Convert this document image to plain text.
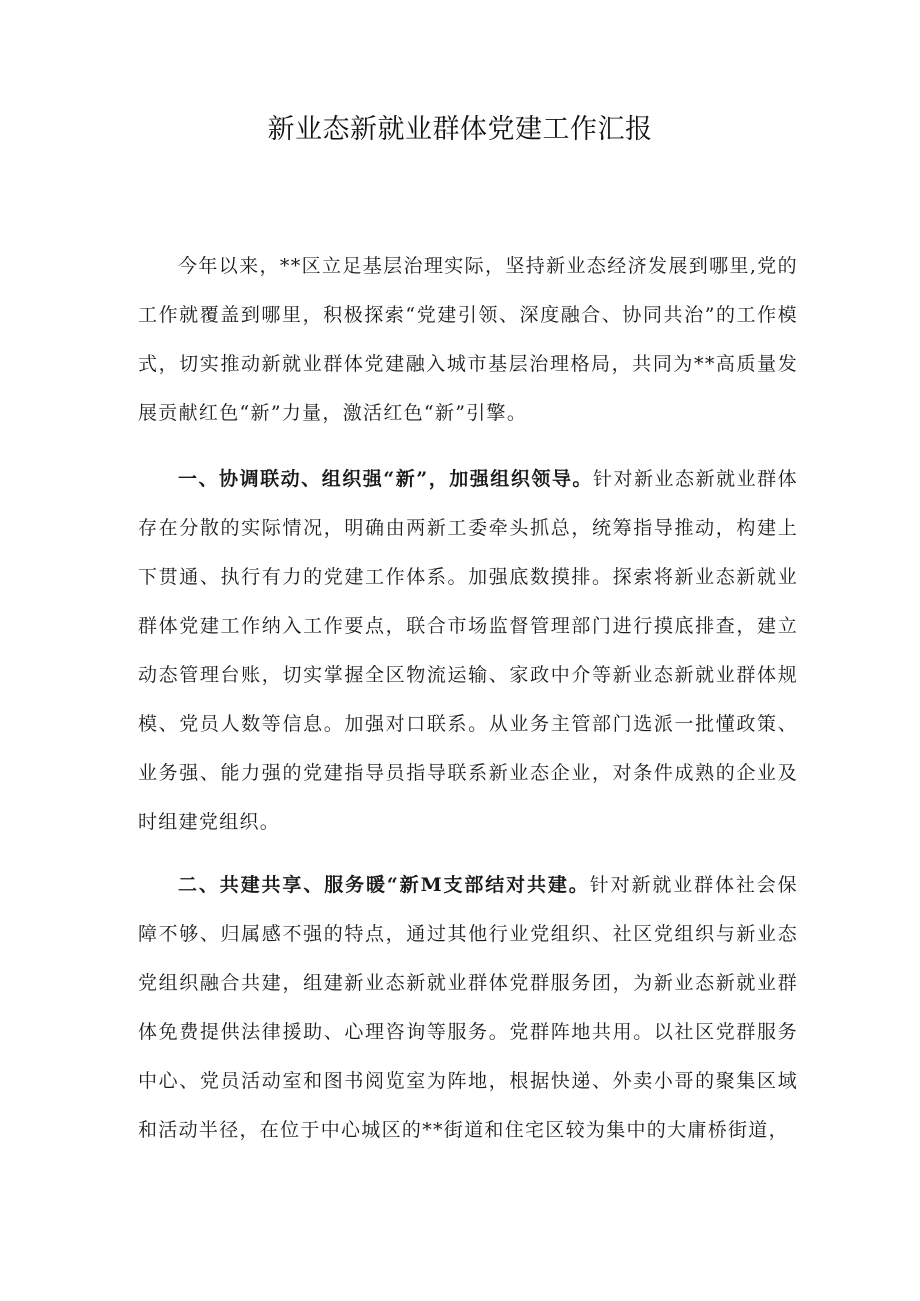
新业态新就业群体党建工作汇报

今年以来，**区立足基层治理实际，坚持新业态经济发展到哪里,党的工作就覆盖到哪里，积极探索“党建引领、深度融合、协同共治”的工作模式，切实推动新就业群体党建融入城市基层治理格局，共同为**高质量发展贡献红色“新”力量，激活红色“新”引擎。

一、协调联动、组织强“新”，加强组织领导。针对新业态新就业群体存在分散的实际情况，明确由两新工委牵头抓总，统筹指导推动，构建上下贯通、执行有力的党建工作体系。加强底数摸排。探索将新业态新就业群体党建工作纳入工作要点，联合市场监督管理部门进行摸底排查，建立动态管理台账，切实掌握全区物流运输、家政中介等新业态新就业群体规模、党员人数等信息。加强对口联系。从业务主管部门选派一批懂政策、业务强、能力强的党建指导员指导联系新业态企业，对条件成熟的企业及时组建党组织。

二、共建共享、服务暖“新M支部结对共建。针对新就业群体社会保障不够、归属感不强的特点，通过其他行业党组织、社区党组织与新业态党组织融合共建，组建新业态新就业群体党群服务团，为新业态新就业群体免费提供法律援助、心理咨询等服务。党群阵地共用。以社区党群服务中心、党员活动室和图书阅览室为阵地，根据快递、外卖小哥的聚集区域和活动半径，在位于中心城区的**街道和住宅区较为集中的大庸桥街道，
